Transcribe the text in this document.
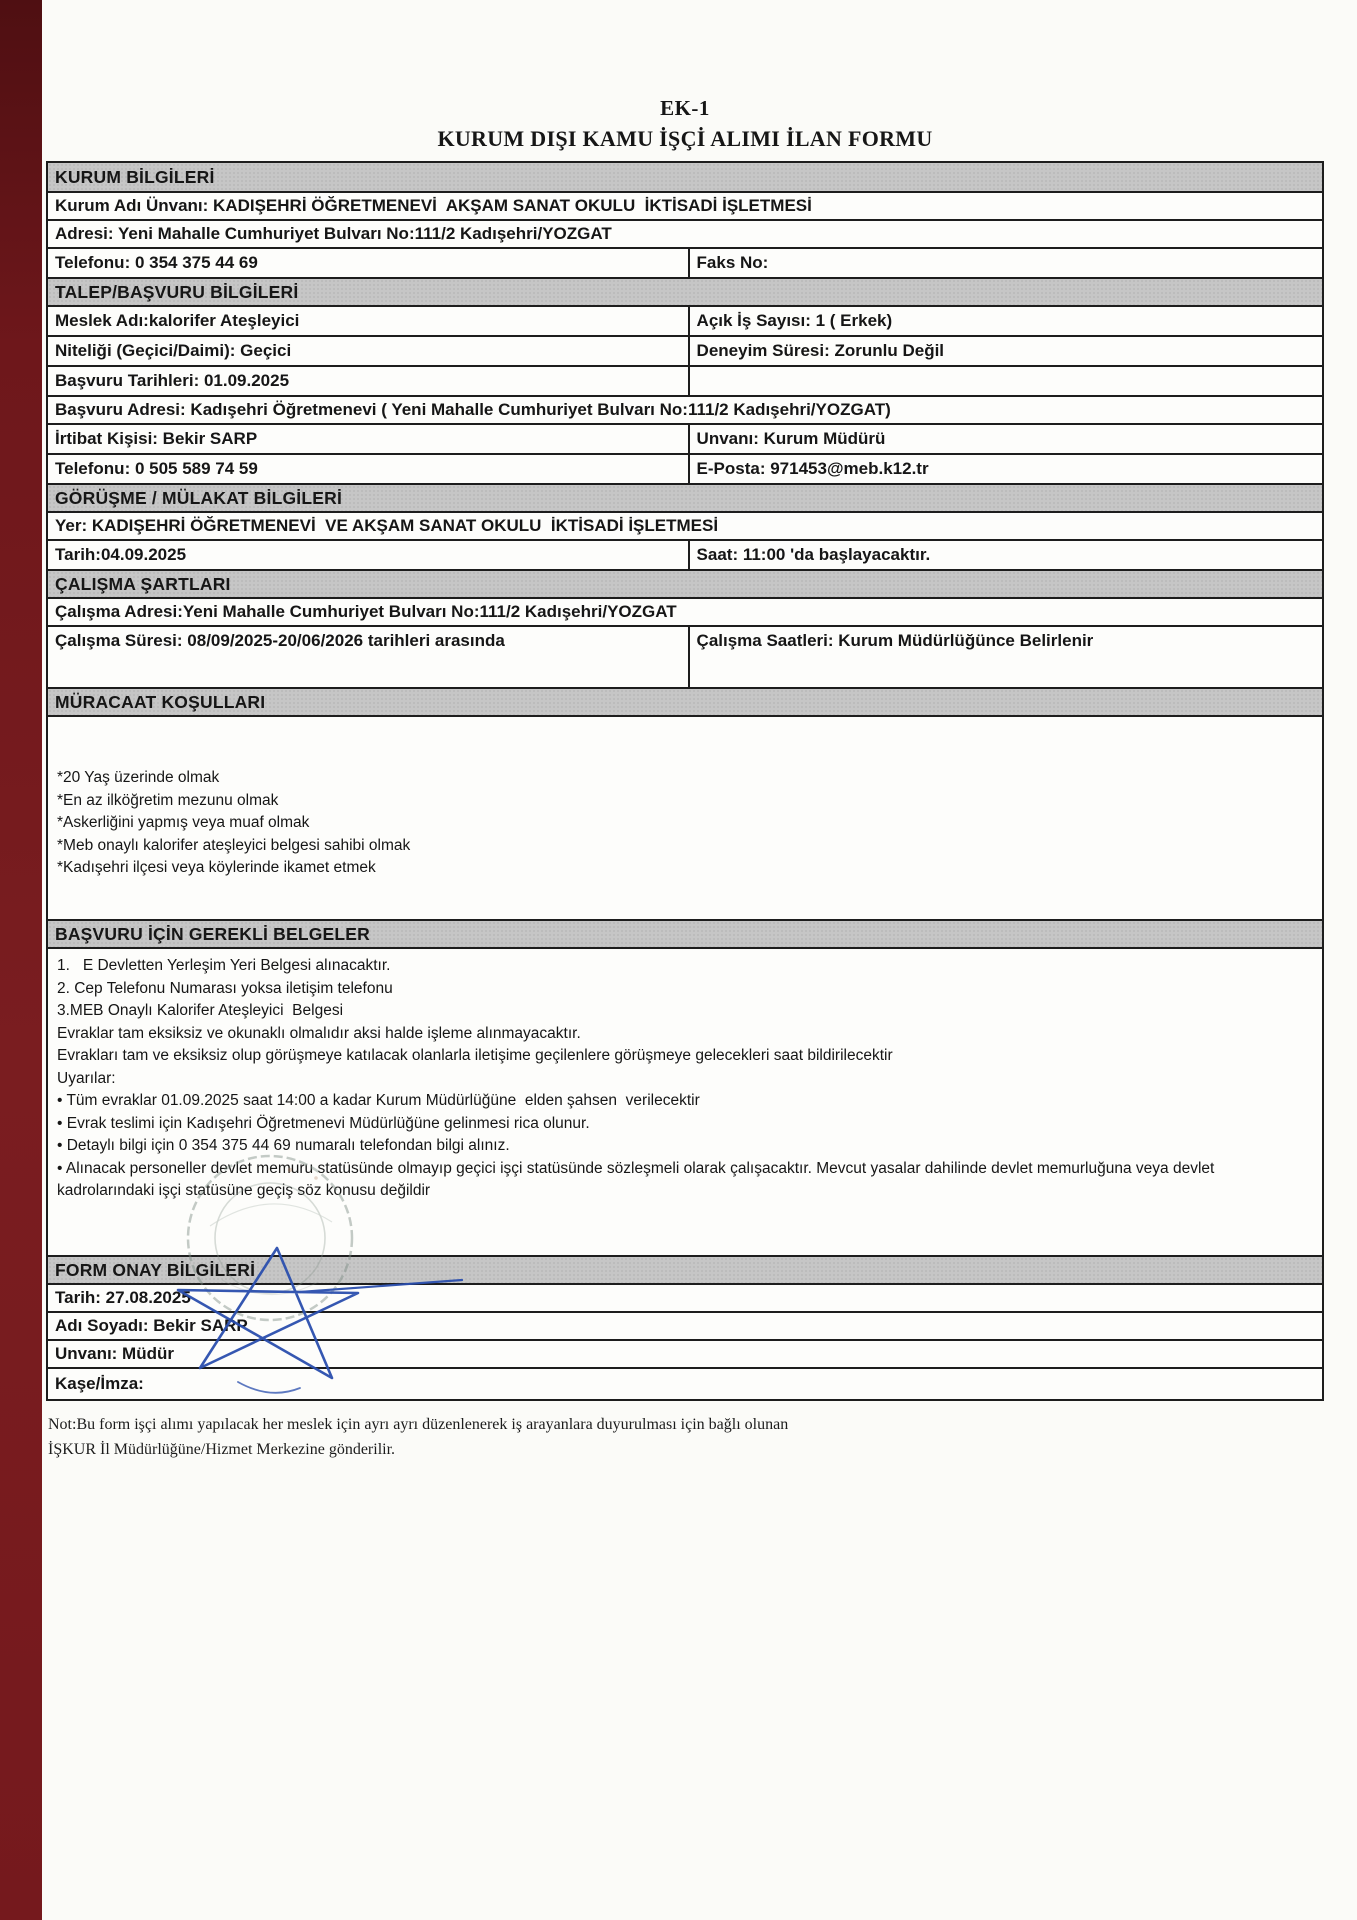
EK-1
KURUM DIŞI KAMU İŞÇİ ALIMI İLAN FORMU
KURUM BİLGİLERİ
Kurum Adı Ünvanı: KADIŞEHRİ ÖĞRETMENEVİ  AKŞAM SANAT OKULU  İKTİSADİ İŞLETMESİ
Adresi: Yeni Mahalle Cumhuriyet Bulvarı No:111/2 Kadışehri/YOZGAT
Telefonu: 0 354 375 44 69	Faks No:
TALEP/BAŞVURU BİLGİLERİ
Meslek Adı:kalorifer Ateşleyici	Açık İş Sayısı: 1 ( Erkek)
Niteliği (Geçici/Daimi): Geçici	Deneyim Süresi: Zorunlu Değil
Başvuru Tarihleri: 01.09.2025
Başvuru Adresi: Kadışehri Öğretmenevi ( Yeni Mahalle Cumhuriyet Bulvarı No:111/2 Kadışehri/YOZGAT)
İrtibat Kişisi: Bekir SARP	Unvanı: Kurum Müdürü
Telefonu: 0 505 589 74 59	E-Posta: 971453@meb.k12.tr
GÖRÜŞME / MÜLAKAT BİLGİLERİ
Yer: KADIŞEHRİ ÖĞRETMENEVİ  VE AKŞAM SANAT OKULU  İKTİSADİ İŞLETMESİ
Tarih:04.09.2025	Saat: 11:00 'da başlayacaktır.
ÇALIŞMA ŞARTLARI
Çalışma Adresi:Yeni Mahalle Cumhuriyet Bulvarı No:111/2 Kadışehri/YOZGAT
Çalışma Süresi: 08/09/2025-20/06/2026 tarihleri arasında	Çalışma Saatleri: Kurum Müdürlüğünce Belirlenir
MÜRACAAT KOŞULLARI
*20 Yaş üzerinde olmak
*En az ilköğretim mezunu olmak
*Askerliğini yapmış veya muaf olmak
*Meb onaylı kalorifer ateşleyici belgesi sahibi olmak
*Kadışehri ilçesi veya köylerinde ikamet etmek
BAŞVURU İÇİN GEREKLİ BELGELER
1.   E Devletten Yerleşim Yeri Belgesi alınacaktır.
2. Cep Telefonu Numarası yoksa iletişim telefonu
3.MEB Onaylı Kalorifer Ateşleyici  Belgesi
Evraklar tam eksiksiz ve okunaklı olmalıdır aksi halde işleme alınmayacaktır.
Evrakları tam ve eksiksiz olup görüşmeye katılacak olanlarla iletişime geçilenlere görüşmeye gelecekleri saat bildirilecektir
Uyarılar:
• Tüm evraklar 01.09.2025 saat 14:00 a kadar Kurum Müdürlüğüne  elden şahsen  verilecektir
• Evrak teslimi için Kadışehri Öğretmenevi Müdürlüğüne gelinmesi rica olunur.
• Detaylı bilgi için 0 354 375 44 69 numaralı telefondan bilgi alınız.
• Alınacak personeller devlet memuru statüsünde olmayıp geçici işçi statüsünde sözleşmeli olarak çalışacaktır. Mevcut yasalar dahilinde devlet memurluğuna veya devlet kadrolarındaki işçi statüsüne geçiş söz konusu değildir
FORM ONAY BİLGİLERİ
Tarih: 27.08.2025
Adı Soyadı: Bekir SARP
Unvanı: Müdür
Kaşe/İmza:
Not:Bu form işçi alımı yapılacak her meslek için ayrı ayrı düzenlenerek iş arayanlara duyurulması için bağlı olunan
İŞKUR İl Müdürlüğüne/Hizmet Merkezine gönderilir.
